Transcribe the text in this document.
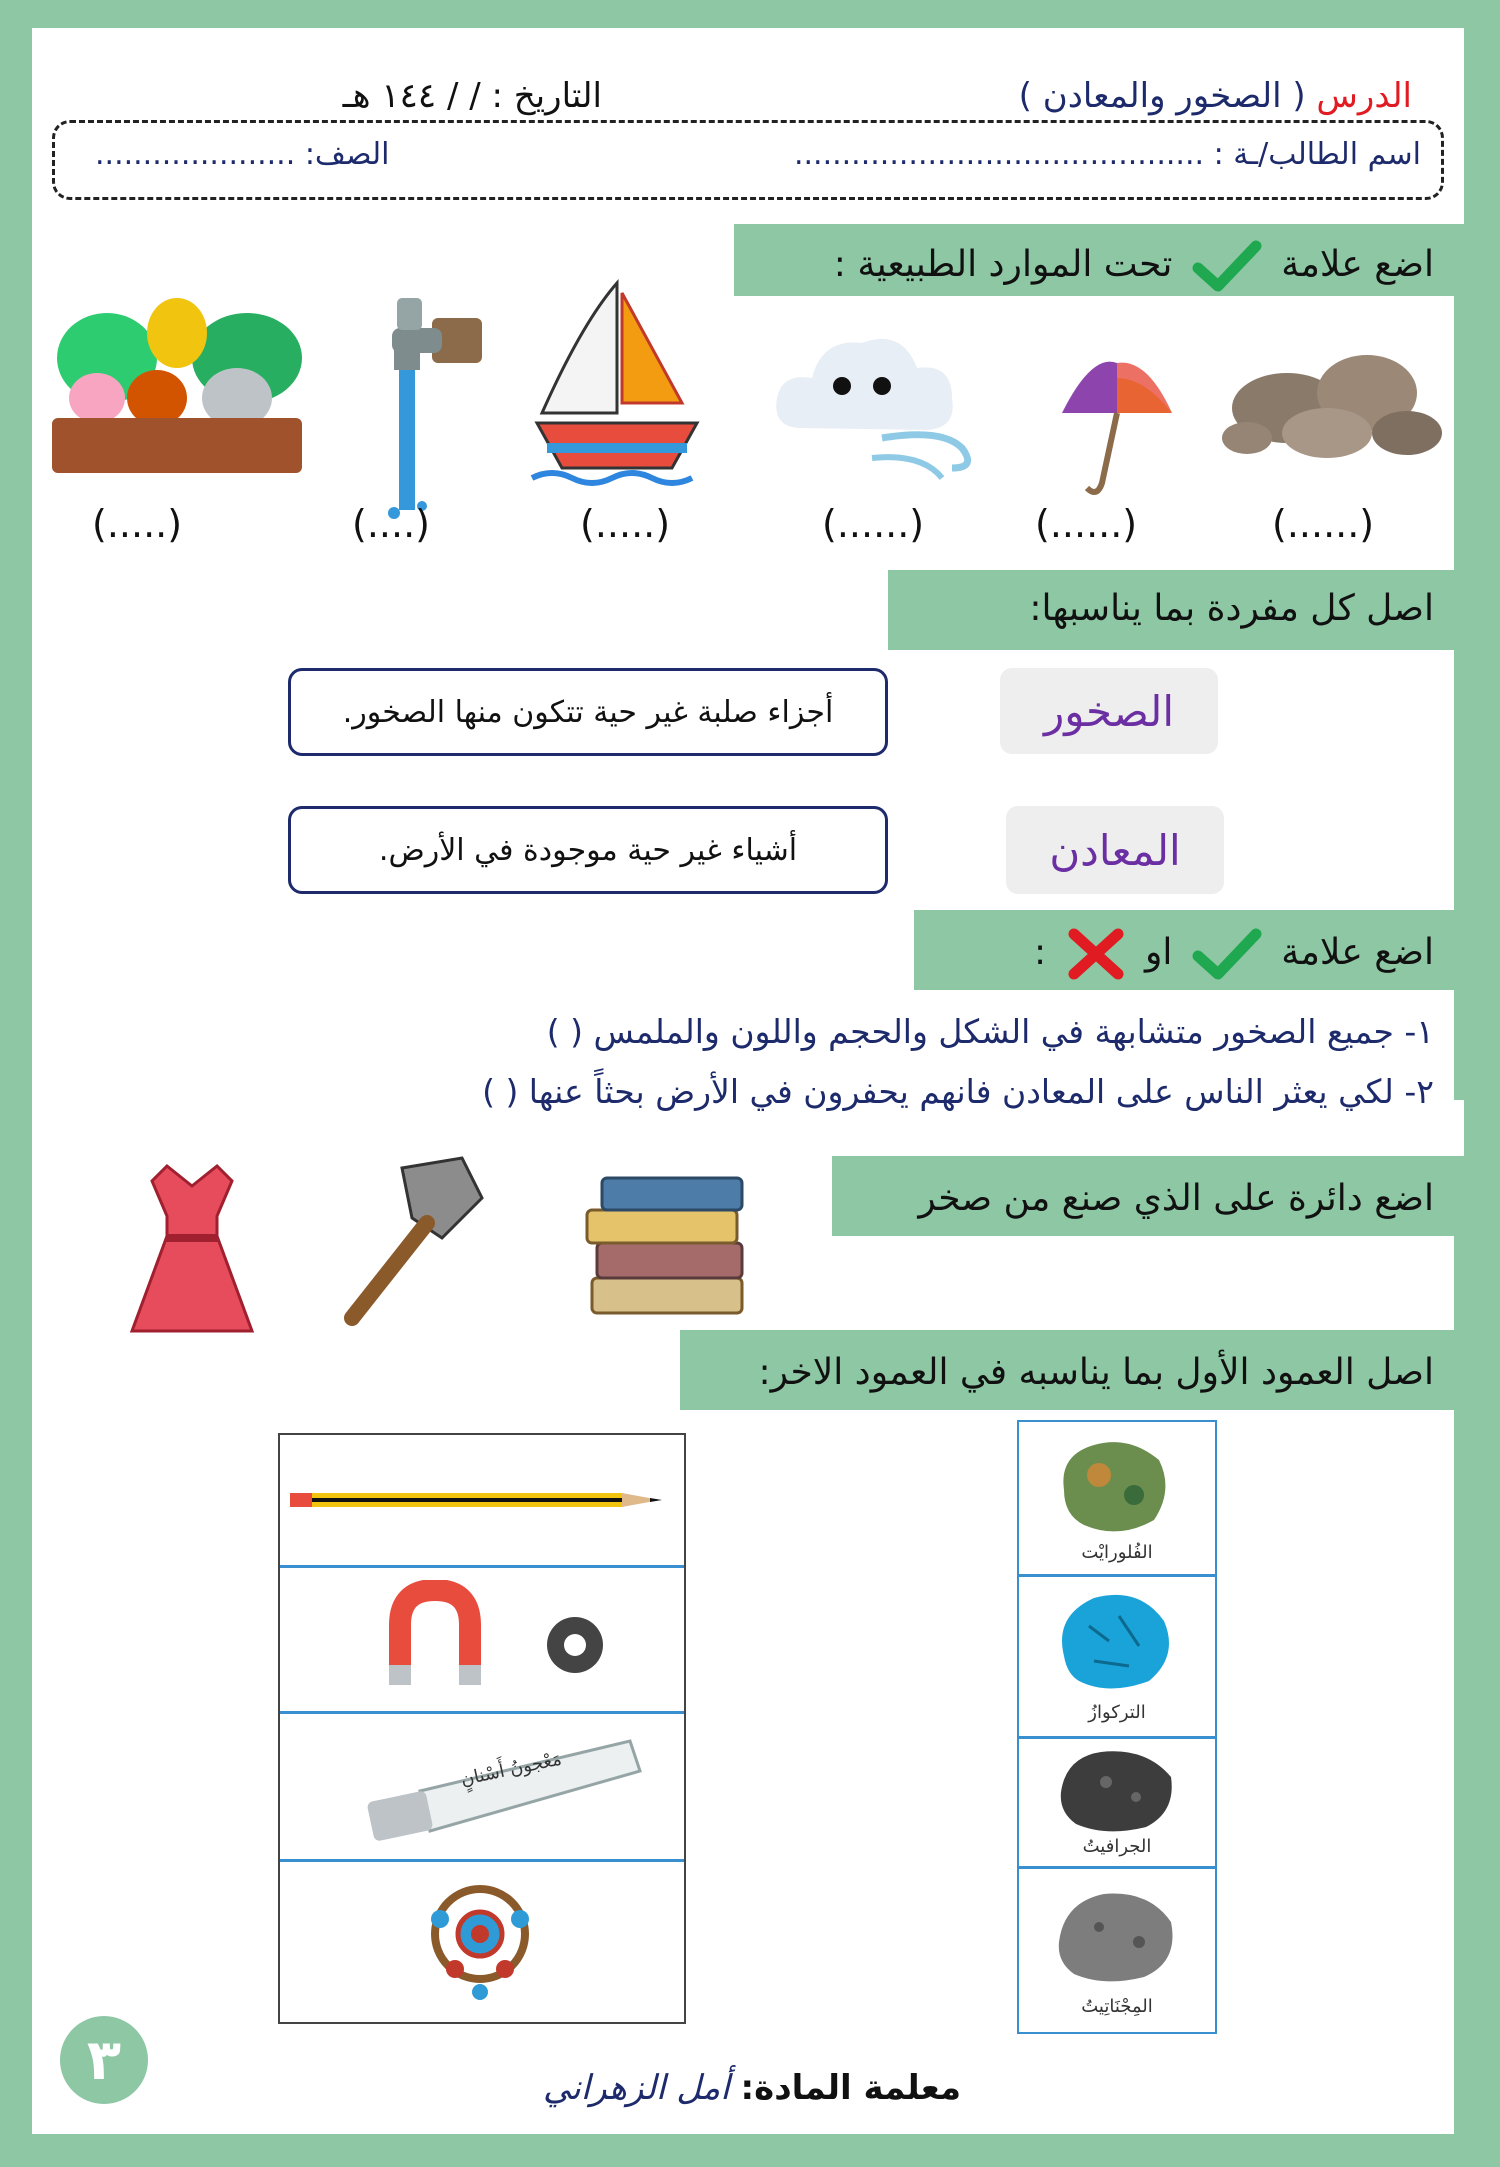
الدرس ( الصخور والمعادن )
التاريخ : / / ١٤٤ هـ
اسم الطالب/ـة : ...........................................
الصف: .....................
اضع علامة  تحت الموارد الطبيعية :
(......)
(......)
(......)
(.....)
(....)
(.....)
اصل كل مفردة بما يناسبها:
الصخور
أجزاء صلبة غير حية تتكون منها الصخور.
المعادن
أشياء غير حية موجودة في الأرض.
اضع علامة  او  :
١- جميع الصخور متشابهة في الشكل والحجم واللون والملمس ( )
٢- لكي يعثر الناس على المعادن فانهم يحفرون في الأرض بحثاً عنها ( )
اضع دائرة على الذي صنع من صخر
اصل العمود الأول بما يناسبه في العمود الاخر:
مَعْجونُ أَسْنانٍ
الفُلورايْت
التركوازُ
الجرافيتُ
المِجْنَاتِيتُ
٣	معلمة المادة: أمل الزهراني
